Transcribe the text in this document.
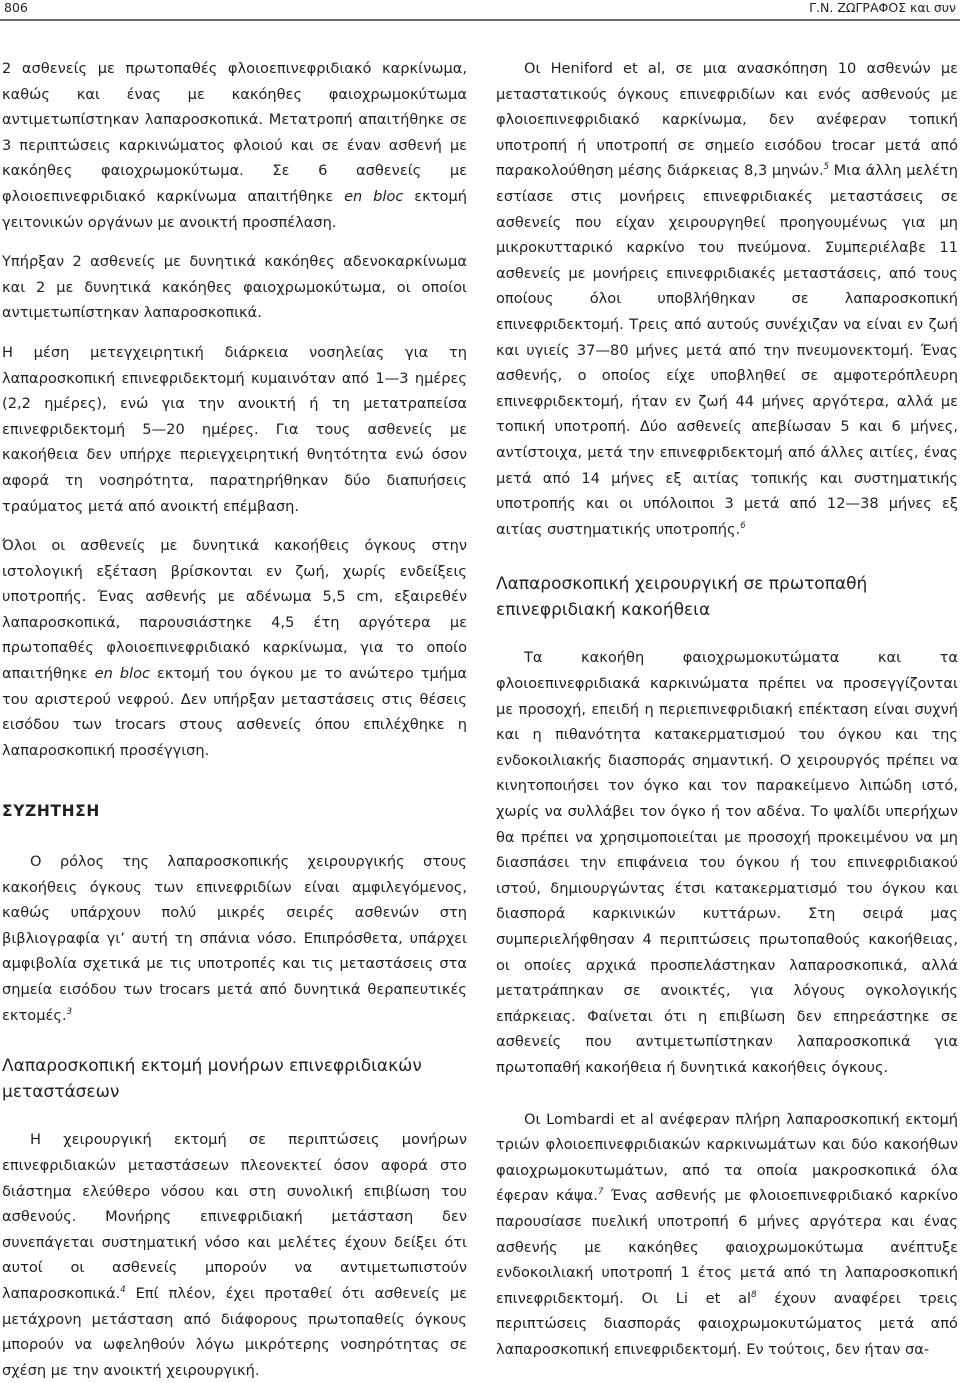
806	Γ.Ν. ΖΩΓΡΑΦΟΣ και συν

2 ασθενείς με πρωτοπαθές φλοιοεπινεφριδιακό καρκίνωμα, καθώς και ένας με κακόηθες φαιοχρωμοκύτωμα αντιμετωπίστηκαν λαπαροσκοπικά. Μετατροπή απαιτήθηκε σε 3 περιπτώσεις καρκινώματος φλοιού και σε έναν ασθενή με κακόηθες φαιοχρωμοκύτωμα. Σε 6 ασθενείς με φλοιοεπινεφριδιακό καρκίνωμα απαιτήθηκε en bloc εκτομή γειτονικών οργάνων με ανοικτή προσπέλαση.

Υπήρξαν 2 ασθενείς με δυνητικά κακόηθες αδενοκαρκίνωμα και 2 με δυνητικά κακόηθες φαιοχρωμοκύτωμα, οι οποίοι αντιμετωπίστηκαν λαπαροσκοπικά.

Η μέση μετεγχειρητική διάρκεια νοσηλείας για τη λαπαροσκοπική επινεφριδεκτομή κυμαινόταν από 1—3 ημέρες (2,2 ημέρες), ενώ για την ανοικτή ή τη μετατραπείσα επινεφριδεκτομή 5—20 ημέρες. Για τους ασθενείς με κακοήθεια δεν υπήρχε περιεγχειρητική θνητότητα ενώ όσον αφορά τη νοσηρότητα, παρατηρήθηκαν δύο διαπυήσεις τραύματος μετά από ανοικτή επέμβαση.

Όλοι οι ασθενείς με δυνητικά κακοήθεις όγκους στην ιστολογική εξέταση βρίσκονται εν ζωή, χωρίς ενδείξεις υποτροπής. Ένας ασθενής με αδένωμα 5,5 cm, εξαιρεθέν λαπαροσκοπικά, παρουσιάστηκε 4,5 έτη αργότερα με πρωτοπαθές φλοιοεπινεφριδιακό καρκίνωμα, για το οποίο απαιτήθηκε en bloc εκτομή του όγκου με το ανώτερο τμήμα του αριστερού νεφρού. Δεν υπήρξαν μεταστάσεις στις θέσεις εισόδου των trocars στους ασθενείς όπου επιλέχθηκε η λαπαροσκοπική προσέγγιση.

ΣΥΖΗΤΗΣΗ

Ο ρόλος της λαπαροσκοπικής χειρουργικής στους κακοήθεις όγκους των επινεφριδίων είναι αμφιλεγόμενος, καθώς υπάρχουν πολύ μικρές σειρές ασθενών στη βιβλιογραφία γι’ αυτή τη σπάνια νόσο. Επιπρόσθετα, υπάρχει αμφιβολία σχετικά με τις υποτροπές και τις μεταστάσεις στα σημεία εισόδου των trocars μετά από δυνητικά θεραπευτικές εκτομές.$^3$

Λαπαροσκοπική εκτομή μονήρων επινεφριδιακών μεταστάσεων

Η χειρουργική εκτομή σε περιπτώσεις μονήρων επινεφριδιακών μεταστάσεων πλεονεκτεί όσον αφορά στο διάστημα ελεύθερο νόσου και στη συνολική επιβίωση του ασθενούς. Μονήρης επινεφριδιακή μετάσταση δεν συνεπάγεται συστηματική νόσο και μελέτες έχουν δείξει ότι αυτοί οι ασθενείς μπορούν να αντιμετωπιστούν λαπαροσκοπικά.$^4$ Επί πλέον, έχει προταθεί ότι ασθενείς με μετάχρονη μετάσταση από διάφορους πρωτοπαθείς όγκους μπορούν να ωφεληθούν λόγω μικρότερης νοσηρότητας σε σχέση με την ανοικτή χειρουργική.

Οι Heniford et al, σε μια ανασκόπηση 10 ασθενών με μεταστατικούς όγκους επινεφριδίων και ενός ασθενούς με φλοιοεπινεφριδιακό καρκίνωμα, δεν ανέφεραν τοπική υποτροπή ή υποτροπή σε σημείο εισόδου trocar μετά από παρακολούθηση μέσης διάρκειας 8,3 μηνών.$^5$ Μια άλλη μελέτη εστίασε στις μονήρεις επινεφριδιακές μεταστάσεις σε ασθενείς που είχαν χειρουργηθεί προηγουμένως για μη μικροκυτταρικό καρκίνο του πνεύμονα. Συμπεριέλαβε 11 ασθενείς με μονήρεις επινεφριδιακές μεταστάσεις, από τους οποίους όλοι υποβλήθηκαν σε λαπαροσκοπική επινεφριδεκτομή. Τρεις από αυτούς συνέχιζαν να είναι εν ζωή και υγιείς 37—80 μήνες μετά από την πνευμονεκτομή. Ένας ασθενής, ο οποίος είχε υποβληθεί σε αμφοτερόπλευρη επινεφριδεκτομή, ήταν εν ζωή 44 μήνες αργότερα, αλλά με τοπική υποτροπή. Δύο ασθενείς απεβίωσαν 5 και 6 μήνες, αντίστοιχα, μετά την επινεφριδεκτομή από άλλες αιτίες, ένας μετά από 14 μήνες εξ αιτίας τοπικής και συστηματικής υποτροπής και οι υπόλοιποι 3 μετά από 12—38 μήνες εξ αιτίας συστηματικής υποτροπής.$^6$

Λαπαροσκοπική χειρουργική σε πρωτοπαθή επινεφριδιακή κακοήθεια

Τα κακοήθη φαιοχρωμοκυτώματα και τα φλοιοεπινεφριδιακά καρκινώματα πρέπει να προσεγγίζονται με προσοχή, επειδή η περιεπινεφριδιακή επέκταση είναι συχνή και η πιθανότητα κατακερματισμού του όγκου και της ενδοκοιλιακής διασποράς σημαντική. Ο χειρουργός πρέπει να κινητοποιήσει τον όγκο και τον παρακείμενο λιπώδη ιστό, χωρίς να συλλάβει τον όγκο ή τον αδένα. Το ψαλίδι υπερήχων θα πρέπει να χρησιμοποιείται με προσοχή προκειμένου να μη διασπάσει την επιφάνεια του όγκου ή του επινεφριδιακού ιστού, δημιουργώντας έτσι κατακερματισμό του όγκου και διασπορά καρκινικών κυττάρων. Στη σειρά μας συμπεριελήφθησαν 4 περιπτώσεις πρωτοπαθούς κακοήθειας, οι οποίες αρχικά προσπελάστηκαν λαπαροσκοπικά, αλλά μετατράπηκαν σε ανοικτές, για λόγους ογκολογικής επάρκειας. Φαίνεται ότι η επιβίωση δεν επηρεάστηκε σε ασθενείς που αντιμετωπίστηκαν λαπαροσκοπικά για πρωτοπαθή κακοήθεια ή δυνητικά κακοήθεις όγκους.

Οι Lombardi et al ανέφεραν πλήρη λαπαροσκοπική εκτομή τριών φλοιοεπινεφριδιακών καρκινωμάτων και δύο κακοήθων φαιοχρωμοκυτωμάτων, από τα οποία μακροσκοπικά όλα έφεραν κάψα.$^7$ Ένας ασθενής με φλοιοεπινεφριδιακό καρκίνο παρουσίασε πυελική υποτροπή 6 μήνες αργότερα και ένας ασθενής με κακόηθες φαιοχρωμοκύτωμα ανέπτυξε ενδοκοιλιακή υποτροπή 1 έτος μετά από τη λαπαροσκοπική επινεφριδεκτομή. Οι Li et $al^8$ έχουν αναφέρει τρεις περιπτώσεις διασποράς φαιοχρωμοκυτώματος μετά από λαπαροσκοπική επινεφριδεκτομή. Εν τούτοις, δεν ήταν σα-
